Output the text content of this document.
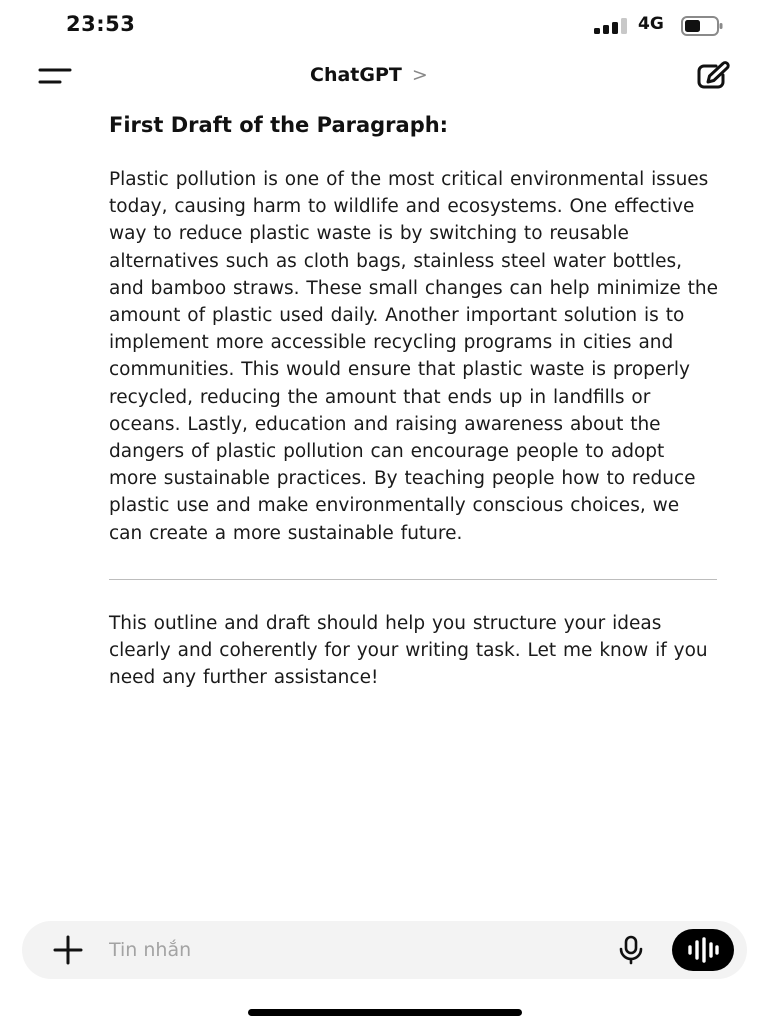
23:53	4G
ChatGPT >
First Draft of the Paragraph:

Plastic pollution is one of the most critical environmental issues today, causing harm to wildlife and ecosystems. One effective way to reduce plastic waste is by switching to reusable alternatives such as cloth bags, stainless steel water bottles, and bamboo straws. These small changes can help minimize the amount of plastic used daily. Another important solution is to implement more accessible recycling programs in cities and communities. This would ensure that plastic waste is properly recycled, reducing the amount that ends up in landfills or oceans. Lastly, education and raising awareness about the dangers of plastic pollution can encourage people to adopt more sustainable practices. By teaching people how to reduce plastic use and make environmentally conscious choices, we can create a more sustainable future.

This outline and draft should help you structure your ideas clearly and coherently for your writing task. Let me know if you need any further assistance!

Tin nhắn
